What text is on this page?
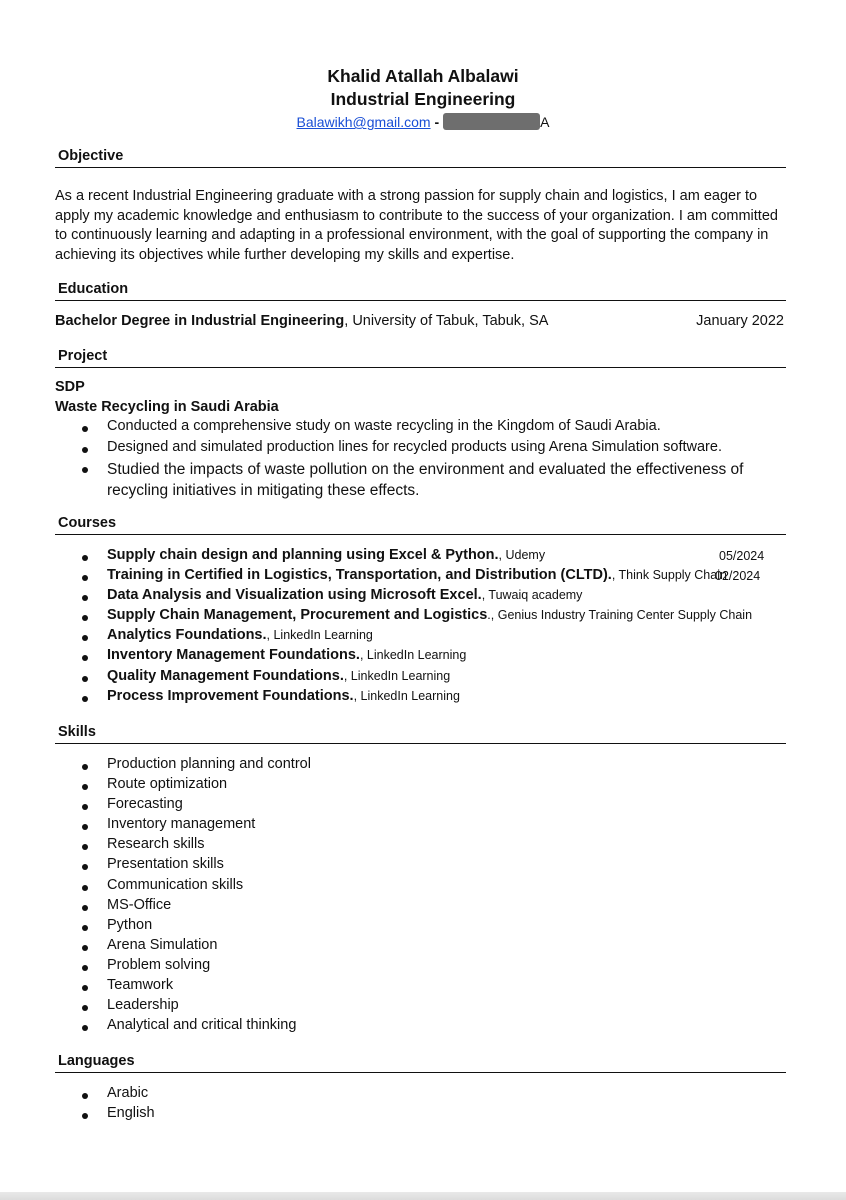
Khalid Atallah Albalawi
Industrial Engineering
Balawikh@gmail.com -	A
Objective
As a recent Industrial Engineering graduate with a strong passion for supply chain and logistics, I am eager to apply my academic knowledge and enthusiasm to contribute to the success of your organization. I am committed to continuously learning and adapting in a professional environment, with the goal of supporting the company in achieving its objectives while further developing my skills and expertise.
Education
Bachelor Degree in Industrial Engineering, University of Tabuk, Tabuk, SA	January 2022
Project
SDP
Waste Recycling in Saudi Arabia
Conducted a comprehensive study on waste recycling in the Kingdom of Saudi Arabia.
Designed and simulated production lines for recycled products using Arena Simulation software.
Studied the impacts of waste pollution on the environment and evaluated the effectiveness of recycling initiatives in mitigating these effects.
Courses
Supply chain design and planning using Excel & Python., Udemy
Training in Certified in Logistics, Transportation, and Distribution (CLTD)., Think Supply Chain
Data Analysis and Visualization using Microsoft Excel., Tuwaiq academy
Supply Chain Management, Procurement and Logistics., Genius Industry Training Center Supply Chain
Analytics Foundations., LinkedIn Learning
Inventory Management Foundations., LinkedIn Learning
Quality Management Foundations., LinkedIn Learning
Process Improvement Foundations., LinkedIn Learning
05/2024
02/2024
Skills
Production planning and control
Route optimization
Forecasting
Inventory management
Research skills
Presentation skills
Communication skills
MS-Office
Python
Arena Simulation
Problem solving
Teamwork
Leadership
Analytical and critical thinking
Languages
Arabic
English
